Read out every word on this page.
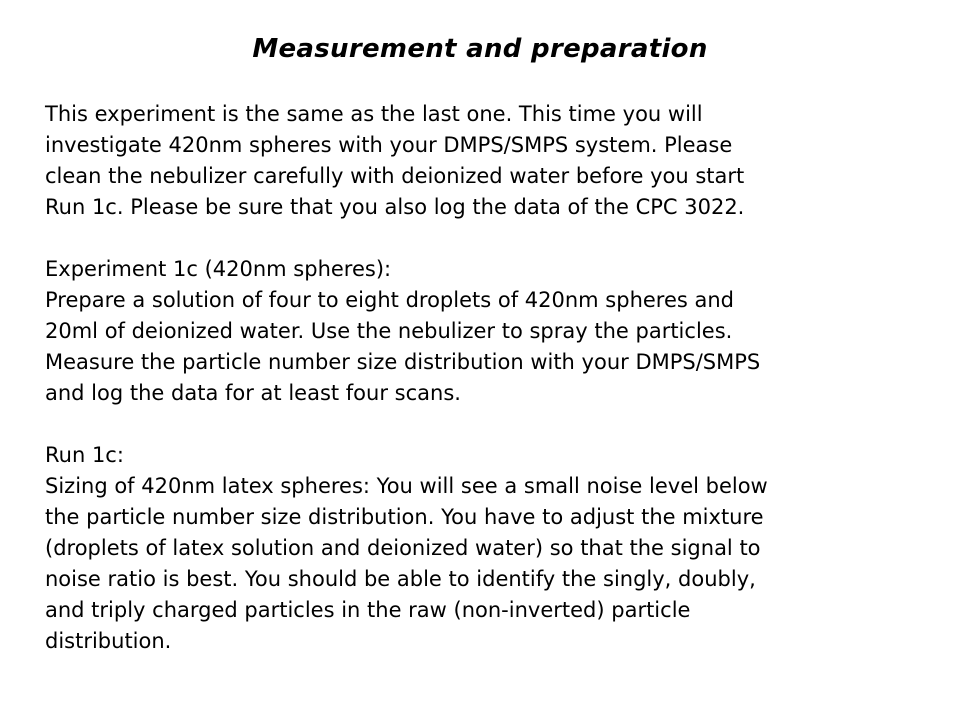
Measurement and preparation

This experiment is the same as the last one. This time you will
investigate 420nm spheres with your DMPS/SMPS system. Please
clean the nebulizer carefully with deionized water before you start
Run 1c. Please be sure that you also log the data of the CPC 3022.

Experiment 1c (420nm spheres):
Prepare a solution of four to eight droplets of 420nm spheres and
20ml of deionized water. Use the nebulizer to spray the particles.
Measure the particle number size distribution with your DMPS/SMPS
and log the data for at least four scans.

Run 1c:
Sizing of 420nm latex spheres: You will see a small noise level below
the particle number size distribution. You have to adjust the mixture
(droplets of latex solution and deionized water) so that the signal to
noise ratio is best. You should be able to identify the singly, doubly,
and triply charged particles in the raw (non-inverted) particle
distribution.
